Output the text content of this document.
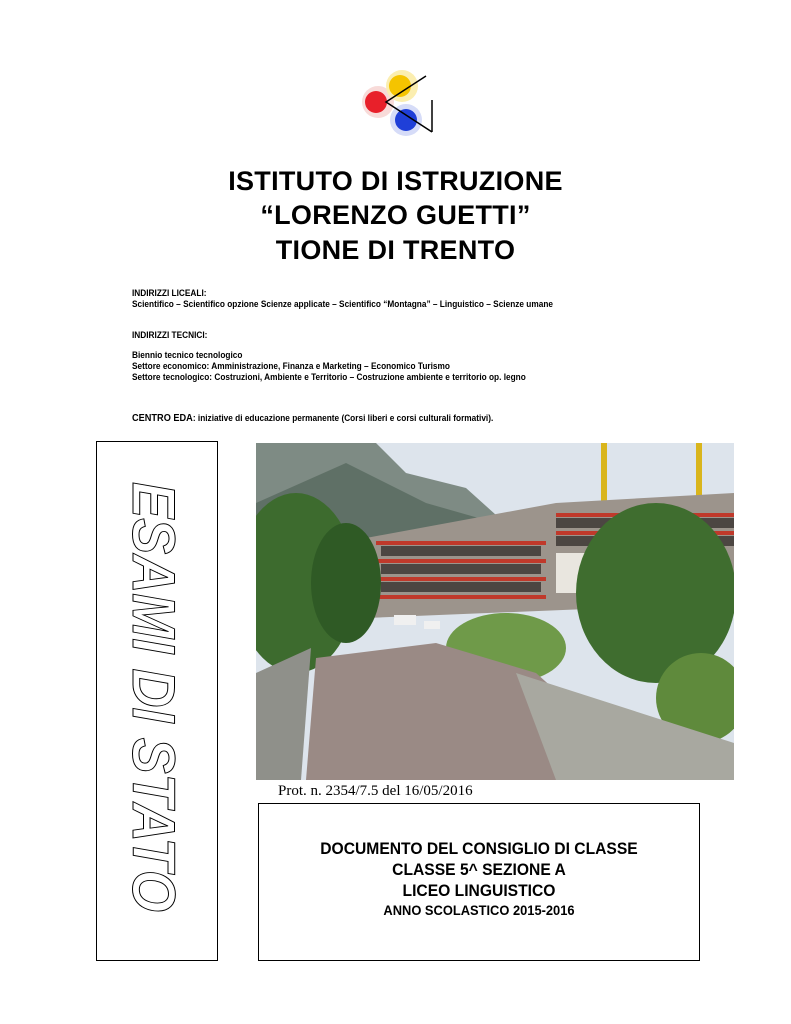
ISTITUTO DI ISTRUZIONE
“LORENZO GUETTI”
TIONE DI TRENTO
INDIRIZZI LICEALI:
Scientifico – Scientifico opzione Scienze applicate – Scientifico “Montagna” – Linguistico – Scienze umane
INDIRIZZI TECNICI:
Biennio tecnico tecnologico
Settore economico: Amministrazione, Finanza e Marketing – Economico Turismo
Settore tecnologico: Costruzioni, Ambiente e Territorio – Costruzione ambiente e territorio op. legno
CENTRO EDA: iniziative di educazione permanente (Corsi liberi e corsi culturali formativi).
ESAMI DI STATO	Prot. n. 2354/7.5 del 16/05/2016
DOCUMENTO DEL CONSIGLIO DI CLASSE
CLASSE 5^ SEZIONE A
LICEO LINGUISTICO
ANNO SCOLASTICO 2015-2016
